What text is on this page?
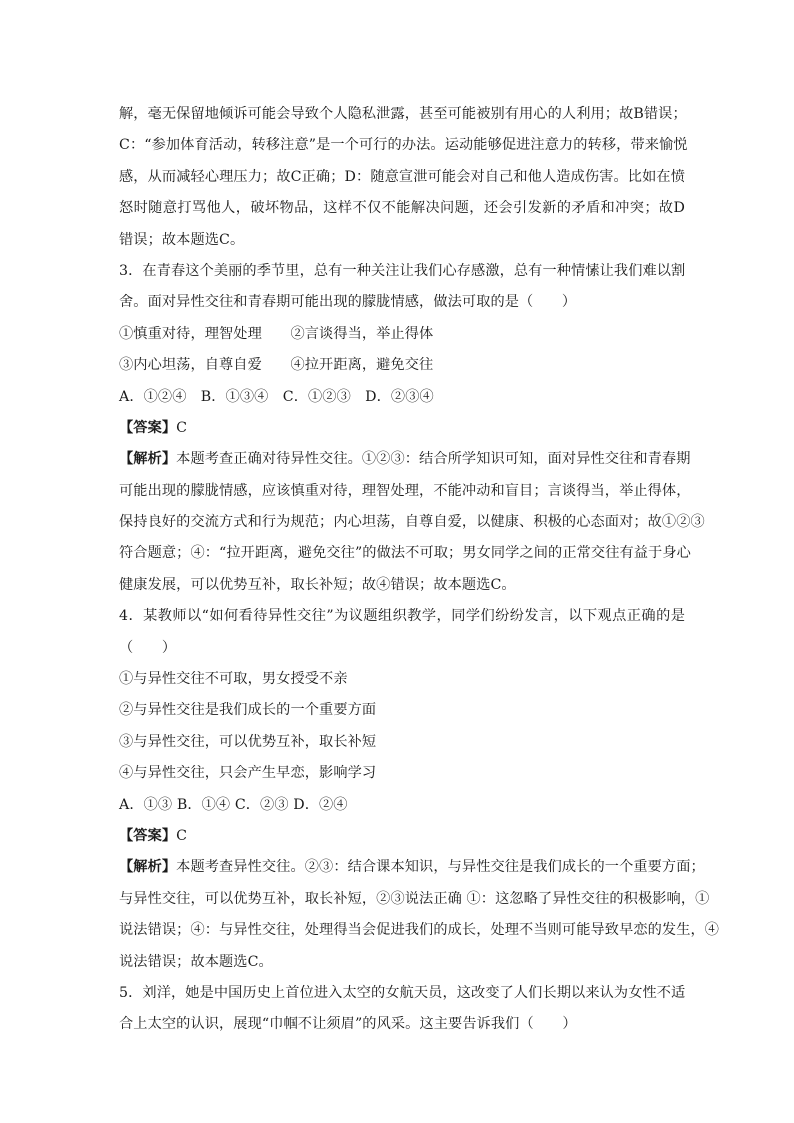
解，毫无保留地倾诉可能会导致个人隐私泄露，甚至可能被别有用心的人利用；故B错误；
C：“参加体育活动，转移注意”是一个可行的办法。运动能够促进注意力的转移，带来愉悦
感，从而减轻心理压力；故C正确；D：随意宣泄可能会对自己和他人造成伤害。比如在愤
怒时随意打骂他人，破坏物品，这样不仅不能解决问题，还会引发新的矛盾和冲突；故D
错误；故本题选C。
3．在青春这个美丽的季节里，总有一种关注让我们心存感激，总有一种情愫让我们难以割
舍。面对异性交往和青春期可能出现的朦胧情感，做法可取的是（　　）
①慎重对待，理智处理　　②言谈得当，举止得体
③内心坦荡，自尊自爱　　④拉开距离，避免交往
A．①②④　B．①③④　C．①②③　D．②③④
【答案】C
【解析】本题考查正确对待异性交往。①②③：结合所学知识可知，面对异性交往和青春期
可能出现的朦胧情感，应该慎重对待，理智处理，不能冲动和盲目；言谈得当，举止得体，
保持良好的交流方式和行为规范；内心坦荡，自尊自爱，以健康、积极的心态面对；故①②③
符合题意；④：“拉开距离，避免交往”的做法不可取；男女同学之间的正常交往有益于身心
健康发展，可以优势互补，取长补短；故④错误；故本题选C。
4．某教师以“如何看待异性交往”为议题组织教学，同学们纷纷发言，以下观点正确的是
（　　）
①与异性交往不可取，男女授受不亲
②与异性交往是我们成长的一个重要方面
③与异性交往，可以优势互补，取长补短
④与异性交往，只会产生早恋，影响学习
A．①③ B．①④ C．②③ D．②④
【答案】C
【解析】本题考查异性交往。②③：结合课本知识，与异性交往是我们成长的一个重要方面；
与异性交往，可以优势互补，取长补短，②③说法正确 ①：这忽略了异性交往的积极影响，①
说法错误；④：与异性交往，处理得当会促进我们的成长，处理不当则可能导致早恋的发生，④
说法错误；故本题选C。
5．刘洋，她是中国历史上首位进入太空的女航天员，这改变了人们长期以来认为女性不适
合上太空的认识，展现“巾帼不让须眉”的风采。这主要告诉我们（　　）
